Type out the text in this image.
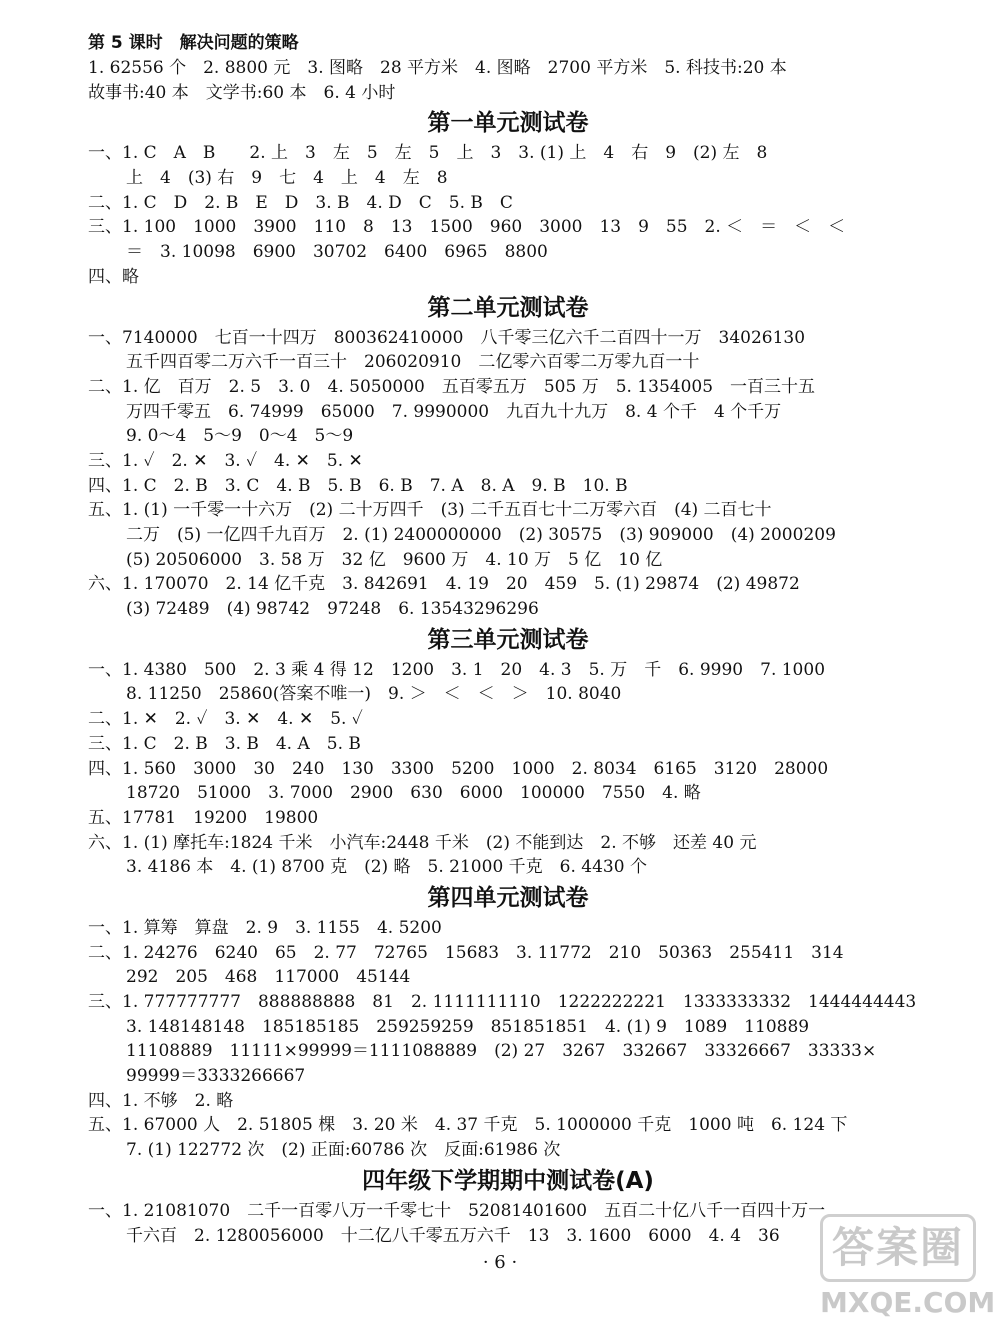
第 5 课时　解决问题的策略
1. 62556 个　2. 8800 元　3. 图略　28 平方米　4. 图略　2700 平方米　5. 科技书:20 本
故事书:40 本　文学书:60 本　6. 4 小时
第一单元测试卷
一、1. C　A　B　　2. 上　3　左　5　左　5　上　3　3. (1) 上　4　右　9　(2) 左　8
上　4　(3) 右　9　七　4　上　4　左　8
二、1. C　D　2. B　E　D　3. B　4. D　C　5. B　C
三、1. 100　1000　3900　110　8　13　1500　960　3000　13　9　55　2. ＜　＝　＜　＜
＝　3. 10098　6900　30702　6400　6965　8800
四、略
第二单元测试卷
一、7140000　七百一十四万　800362410000　八千零三亿六千二百四十一万　34026130
五千四百零二万六千一百三十　206020910　二亿零六百零二万零九百一十
二、1. 亿　百万　2. 5　3. 0　4. 5050000　五百零五万　505 万　5. 1354005　一百三十五
万四千零五　6. 74999　65000　7. 9990000　九百九十九万　8. 4 个千　4 个千万
9. 0～4　5～9　0～4　5～9
三、1. ✓　2. ✕　3. ✓　4. ✕　5. ✕
四、1. C　2. B　3. C　4. B　5. B　6. B　7. A　8. A　9. B　10. B
五、1. (1) 一千零一十六万　(2) 二十万四千　(3) 二千五百七十二万零六百　(4) 二百七十
二万　(5) 一亿四千九百万　2. (1) 2400000000　(2) 30575　(3) 909000　(4) 2000209
(5) 20506000　3. 58 万　32 亿　9600 万　4. 10 万　5 亿　10 亿
六、1. 170070　2. 14 亿千克　3. 842691　4. 19　20　459　5. (1) 29874　(2) 49872
(3) 72489　(4) 98742　97248　6. 13543296296
第三单元测试卷
一、1. 4380　500　2. 3 乘 4 得 12　1200　3. 1　20　4. 3　5. 万　千　6. 9990　7. 1000
8. 11250　25860(答案不唯一)　9. ＞　＜　＜　＞　10. 8040
二、1. ✕　2. ✓　3. ✕　4. ✕　5. ✓
三、1. C　2. B　3. B　4. A　5. B
四、1. 560　3000　30　240　130　3300　5200　1000　2. 8034　6165　3120　28000
18720　51000　3. 7000　2900　630　6000　100000　7550　4. 略
五、17781　19200　19800
六、1. (1) 摩托车:1824 千米　小汽车:2448 千米　(2) 不能到达　2. 不够　还差 40 元
3. 4186 本　4. (1) 8700 克　(2) 略　5. 21000 千克　6. 4430 个
第四单元测试卷
一、1. 算筹　算盘　2. 9　3. 1155　4. 5200
二、1. 24276　6240　65　2. 77　72765　15683　3. 11772　210　50363　255411　314
292　205　468　117000　45144
三、1. 777777777　888888888　81　2. 1111111110　1222222221　1333333332　1444444443
3. 148148148　185185185　259259259　851851851　4. (1) 9　1089　110889
11108889　11111×99999＝1111088889　(2) 27　3267　332667　33326667　33333×
99999＝3333266667
四、1. 不够　2. 略
五、1. 67000 人　2. 51805 棵　3. 20 米　4. 37 千克　5. 1000000 千克　1000 吨　6. 124 下
7. (1) 122772 次　(2) 正面:60786 次　反面:61986 次
四年级下学期期中测试卷(A)
一、1. 21081070　二千一百零八万一千零七十　52081401600　五百二十亿八千一百四十万一
千六百　2. 1280056000　十二亿八千零五万六千　13　3. 1600　6000　4. 4　36
· 6 ·	答案圈
MXQE.COM
